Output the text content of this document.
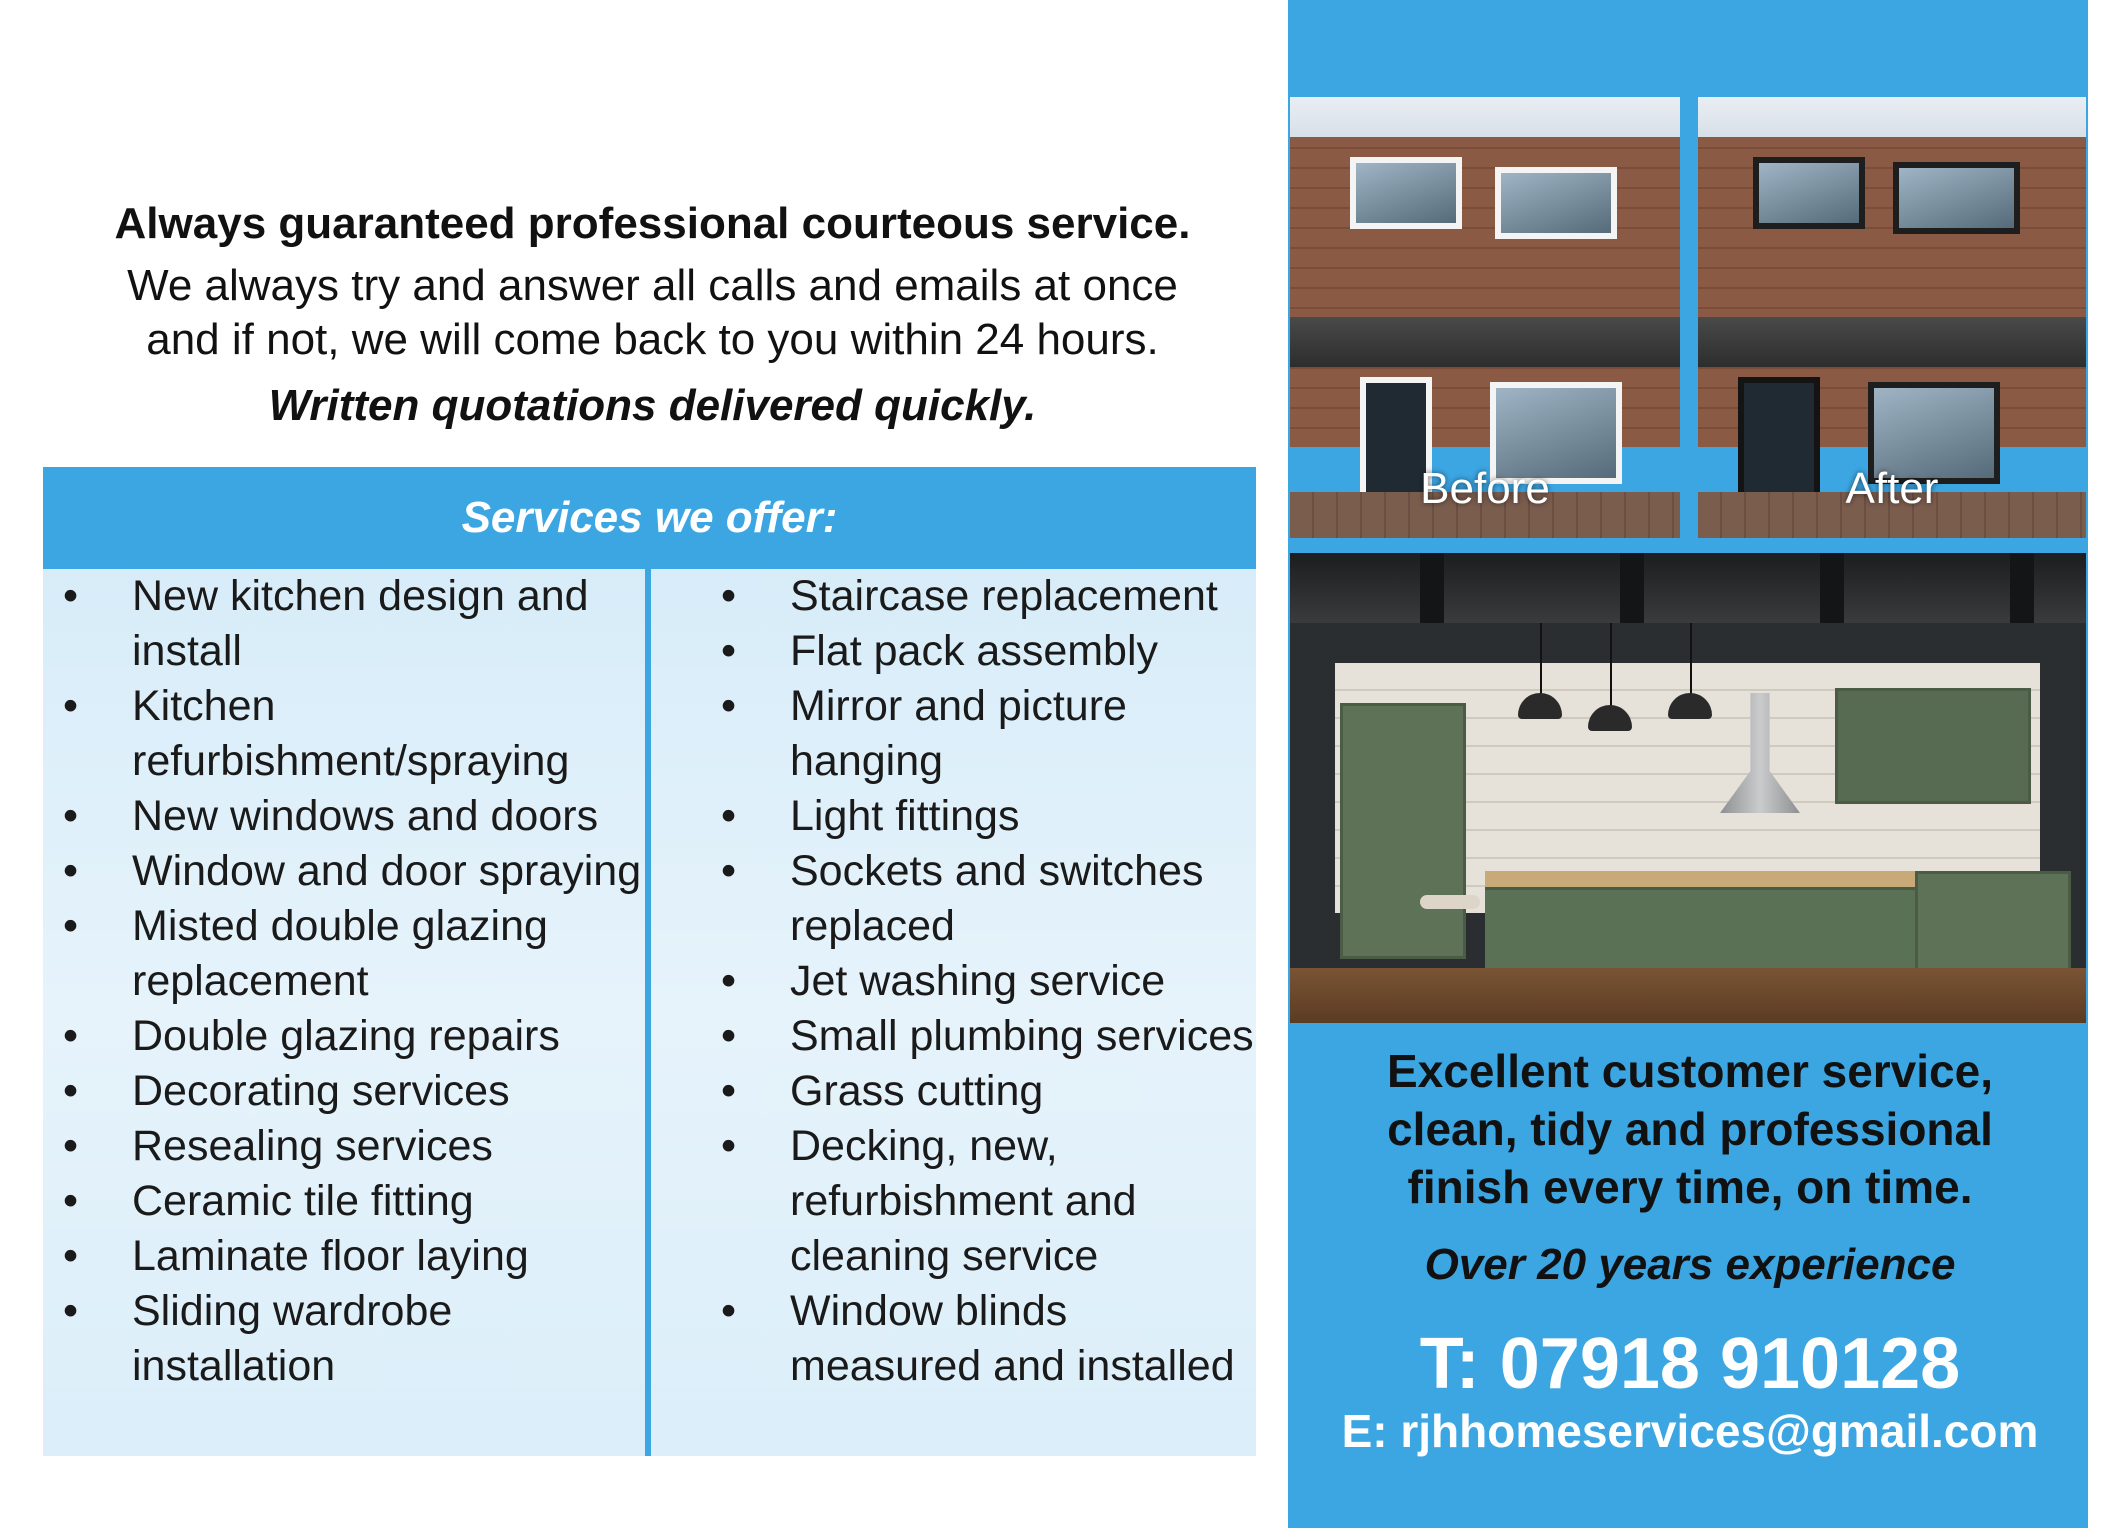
Always guaranteed professional courteous service.

We always try and answer all calls and emails at once

and if not, we will come back to you within 24 hours.

Written quotations delivered quickly.

Services we offer:
• New kitchen design and install
• Kitchen refurbishment/spraying
• New windows and doors
• Window and door spraying
• Misted double glazing replacement
• Double glazing repairs
• Decorating services
• Resealing services
• Ceramic tile fitting
• Laminate floor laying
• Sliding wardrobe installation
• Staircase replacement
• Flat pack assembly
• Mirror and picture hanging
• Light fittings
• Sockets and switches replaced
• Jet washing service
• Small plumbing services
• Grass cutting
• Decking, new, refurbishment and cleaning service
• Window blinds measured and installed
Before	After
Excellent customer service,
clean, tidy and professional
finish every time, on time.
Over 20 years experience
T: 07918 910128
E: rjhhomeservices@gmail.com
